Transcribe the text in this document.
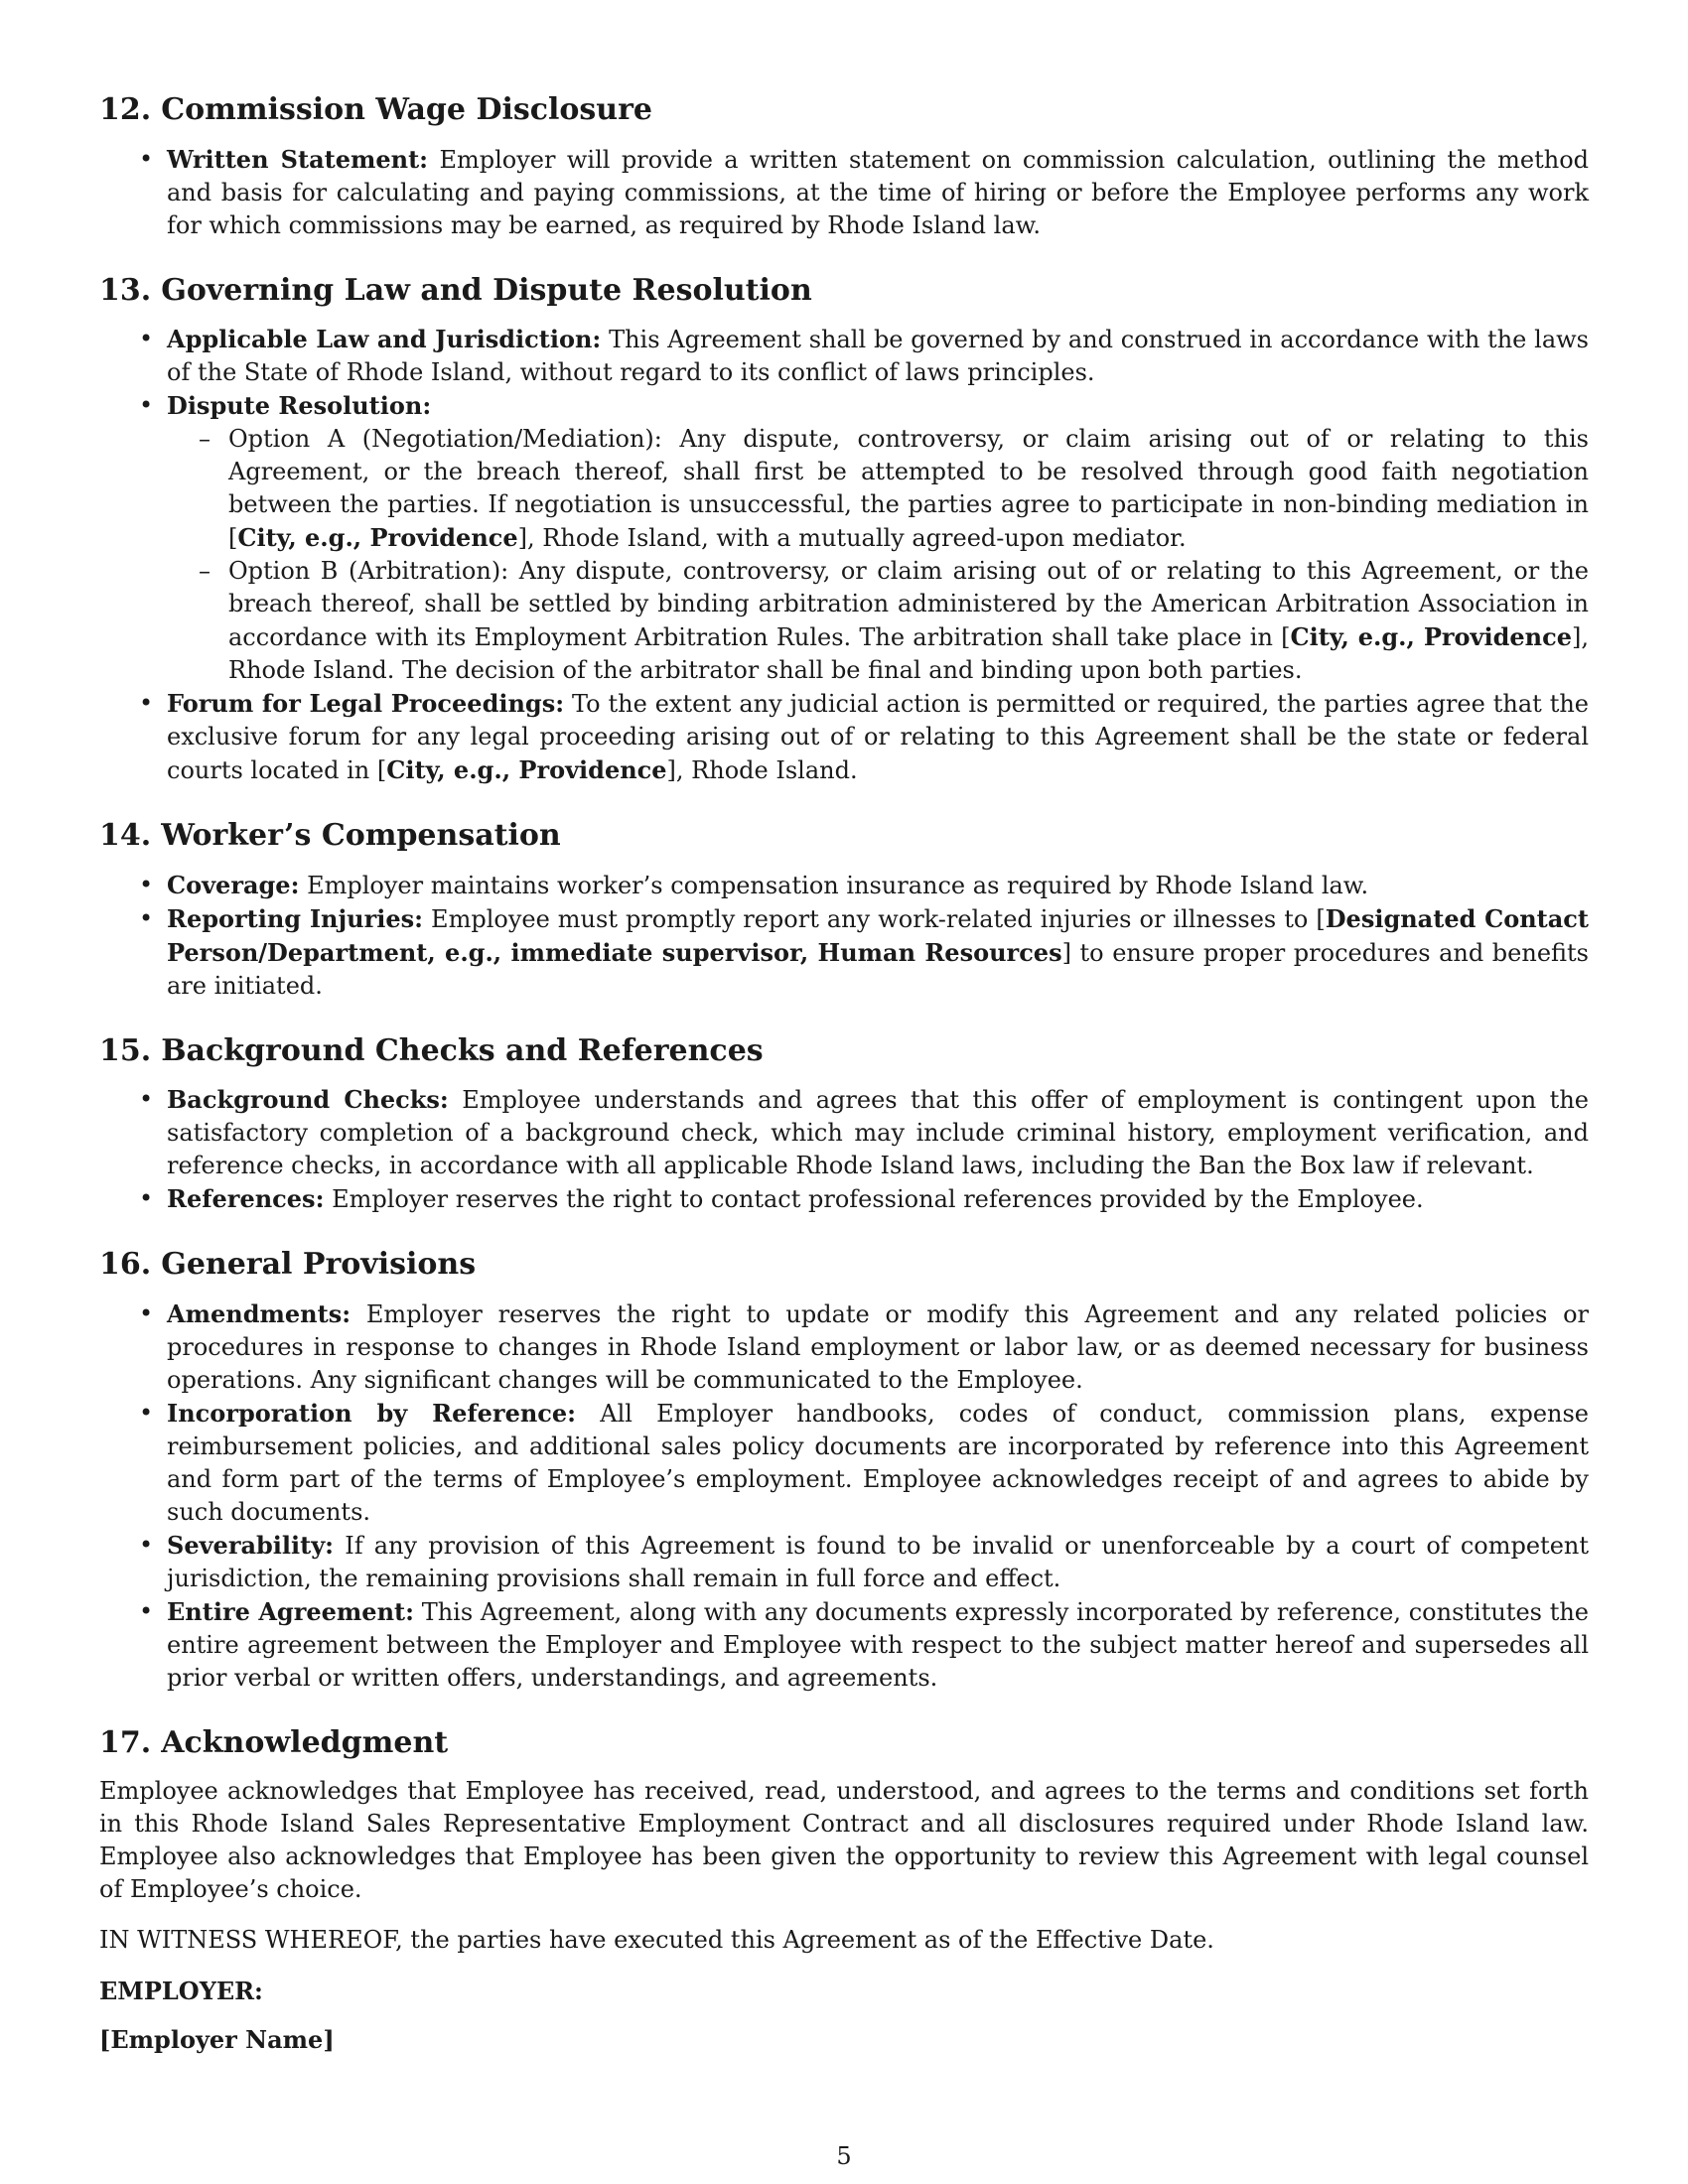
12. Commission Wage Disclosure
• Written Statement: Employer will provide a written statement on commission calculation, outlining the method and basis for calculating and paying commissions, at the time of hiring or before the Employee performs any work for which commissions may be earned, as required by Rhode Island law.
13. Governing Law and Dispute Resolution
• Applicable Law and Jurisdiction: This Agreement shall be governed by and construed in accordance with the laws of the State of Rhode Island, without regard to its conflict of laws principles.
• Dispute Resolution:
– Option A (Negotiation/Mediation): Any dispute, controversy, or claim arising out of or relating to this Agreement, or the breach thereof, shall first be attempted to be resolved through good faith negotiation between the parties. If negotiation is unsuccessful, the parties agree to participate in non-binding mediation in [City, e.g., Providence], Rhode Island, with a mutually agreed-upon mediator.
– Option B (Arbitration): Any dispute, controversy, or claim arising out of or relating to this Agreement, or the breach thereof, shall be settled by binding arbitration administered by the American Arbitration Association in accordance with its Employment Arbitration Rules. The arbitration shall take place in [City, e.g., Providence], Rhode Island. The decision of the arbitrator shall be final and binding upon both parties.
• Forum for Legal Proceedings: To the extent any judicial action is permitted or required, the parties agree that the exclusive forum for any legal proceeding arising out of or relating to this Agreement shall be the state or federal courts located in [City, e.g., Providence], Rhode Island.
14. Worker’s Compensation
• Coverage: Employer maintains worker’s compensation insurance as required by Rhode Island law.
• Reporting Injuries: Employee must promptly report any work-related injuries or illnesses to [Designated Contact Person/Department, e.g., immediate supervisor, Human Resources] to ensure proper procedures and benefits are initiated.
15. Background Checks and References
• Background Checks: Employee understands and agrees that this offer of employment is contingent upon the satisfactory completion of a background check, which may include criminal history, employment verification, and reference checks, in accordance with all applicable Rhode Island laws, including the Ban the Box law if relevant.
• References: Employer reserves the right to contact professional references provided by the Employee.
16. General Provisions
• Amendments: Employer reserves the right to update or modify this Agreement and any related policies or procedures in response to changes in Rhode Island employment or labor law, or as deemed necessary for business operations. Any significant changes will be communicated to the Employee.
• Incorporation by Reference: All Employer handbooks, codes of conduct, commission plans, expense reimbursement policies, and additional sales policy documents are incorporated by reference into this Agreement and form part of the terms of Employee’s employment. Employee acknowledges receipt of and agrees to abide by such documents.
• Severability: If any provision of this Agreement is found to be invalid or unenforceable by a court of competent jurisdiction, the remaining provisions shall remain in full force and effect.
• Entire Agreement: This Agreement, along with any documents expressly incorporated by reference, constitutes the entire agreement between the Employer and Employee with respect to the subject matter hereof and supersedes all prior verbal or written offers, understandings, and agreements.
17. Acknowledgment

Employee acknowledges that Employee has received, read, understood, and agrees to the terms and conditions set forth in this Rhode Island Sales Representative Employment Contract and all disclosures required under Rhode Island law. Employee also acknowledges that Employee has been given the opportunity to review this Agreement with legal counsel of Employee’s choice.

IN WITNESS WHEREOF, the parties have executed this Agreement as of the Effective Date.

EMPLOYER:

[Employer Name]

5
